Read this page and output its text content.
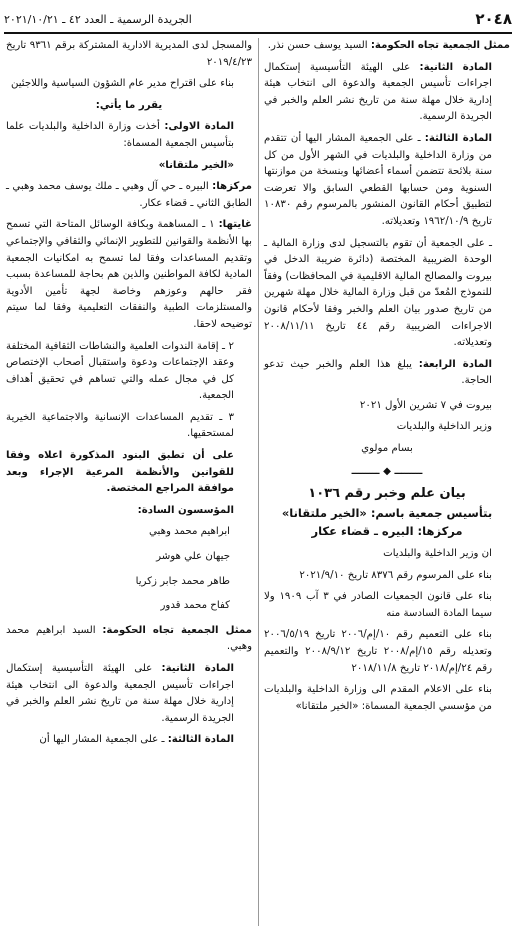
٢٠٤٨
الجريدة الرسمية ـ العدد ٤٢ ـ ٢٠٢١/١٠/٢١

ممثل الجمعية تجاه الحكومة: السيد يوسف حسن نذر.

المادة الثانية: على الهيئة التأسيسية إستكمال اجراءات تأسيس الجمعية والدعوة الى انتخاب هيئة إدارية خلال مهلة سنة من تاريخ نشر العلم والخبر في الجريدة الرسمية.

المادة الثالثة: ـ على الجمعية المشار اليها أن تتقدم من وزارة الداخلية والبلديات في الشهر الأول من كل سنة بلائحة تتضمن أسماء أعضائها وبنسخة من موازنتها السنوية ومن حسابها القطعي السابق والا تعرضت لتطبيق أحكام القانون المنشور بالمرسوم رقم ١٠٨٣٠ تاريخ ١٩٦٢/١٠/٩ وتعديلاته.

ـ على الجمعية أن تقوم بالتسجيل لدى وزارة المالية ـ الوحدة الضريبية المختصة (دائرة ضريبة الدخل في بيروت والمصالح المالية الاقليمية في المحافظات) وفقاً للنموذج المُعدّ من قبل وزارة المالية خلال مهلة شهرين من تاريخ صدور بيان العلم والخبر وفقا لأحكام قانون الاجراءات الضريبية رقم ٤٤ تاريخ ٢٠٠٨/١١/١١ وتعديلاته.

المادة الرابعة: يبلغ هذا العلم والخبر حيث تدعو الحاجة.

بيروت في ٧ تشرين الأول ٢٠٢١

وزير الداخلية والبلديات

بسام مولوي

ــــــــ ◆ ــــــــ
بيان علم وخبر رقم ١٠٣٦
بتأسيس جمعية باسم: «الخير ملتقانا»
مركزها: البيره ـ قضاء عكار

ان وزير الداخلية والبلديات

بناء على المرسوم رقم ٨٣٧٦ تاريخ ٢٠٢١/٩/١٠

بناء على قانون الجمعيات الصادر في ٣ آب ١٩٠٩ ولا سيما المادة السادسة منه

بناء على التعميم رقم ١٠/إم/٢٠٠٦ تاريخ ٢٠٠٦/٥/١٩ وتعديله رقم ١٥/إم/٢٠٠٨ تاريخ ٢٠٠٨/٩/١٢ والتعميم رقم ٢٤/إم/٢٠١٨ تاريخ ٢٠١٨/١١/٨

بناء على الاعلام المقدم الى وزارة الداخلية والبلديات من مؤسسي الجمعية المسماة: «الخير ملتقانا»

والمسجل لدى المديرية الادارية المشتركة برقم ٩٣٦١ تاريخ ٢٠١٩/٤/٢٣

بناء على اقتراح مدير عام الشؤون السياسية واللاجئين

يقرر ما يأتي:

المادة الاولى: أخذت وزارة الداخلية والبلديات علما بتأسيس الجمعية المسماة:

«الخير ملتقانا»

مركزها: البيره ـ حي آل وهبي ـ ملك يوسف محمد وهبي ـ الطابق الثاني ـ قضاء عكار.

غايتها: ١ ـ المساهمة وبكافة الوسائل المتاحة التي تسمح بها الأنظمة والقوانين للتطوير الإنمائي والثقافي والإجتماعي وتقديم المساعدات وفقا لما تسمح به امكانيات الجمعية المادية لكافة المواطنين والذين هم بحاجة للمساعدة بسبب فقر حالهم وعوزهم وخاصة لجهة تأمين الأدوية والمستلزمات الطبية والنفقات التعليمية وفقا لما سيتم توضيحه لاحقا.

٢ ـ إقامة الندوات العلمية والنشاطات الثقافية المختلفة وعقد الإجتماعات ودعوة واستقبال أصحاب الإختصاص كل في مجال عمله والتي تساهم في تحقيق أهداف الجمعية.

٣ ـ تقديم المساعدات الإنسانية والاجتماعية الخيرية لمستحقيها.

على أن تطبق البنود المذكورة اعلاه وفقا للقوانين والأنظمة المرعية الإجراء وبعد موافقة المراجع المختصة.

المؤسسون السادة:

ابراهيم محمد وهبي

جيهان علي هوشر

طاهر محمد جابر زكريا

كفاح محمد قدور

ممثل الجمعية تجاه الحكومة: السيد ابراهيم محمد وهبي.

المادة الثانية: على الهيئة التأسيسية إستكمال اجراءات تأسيس الجمعية والدعوة الى انتخاب هيئة إدارية خلال مهلة سنة من تاريخ نشر العلم والخبر في الجريدة الرسمية.

المادة الثالثة: ـ على الجمعية المشار اليها أن
